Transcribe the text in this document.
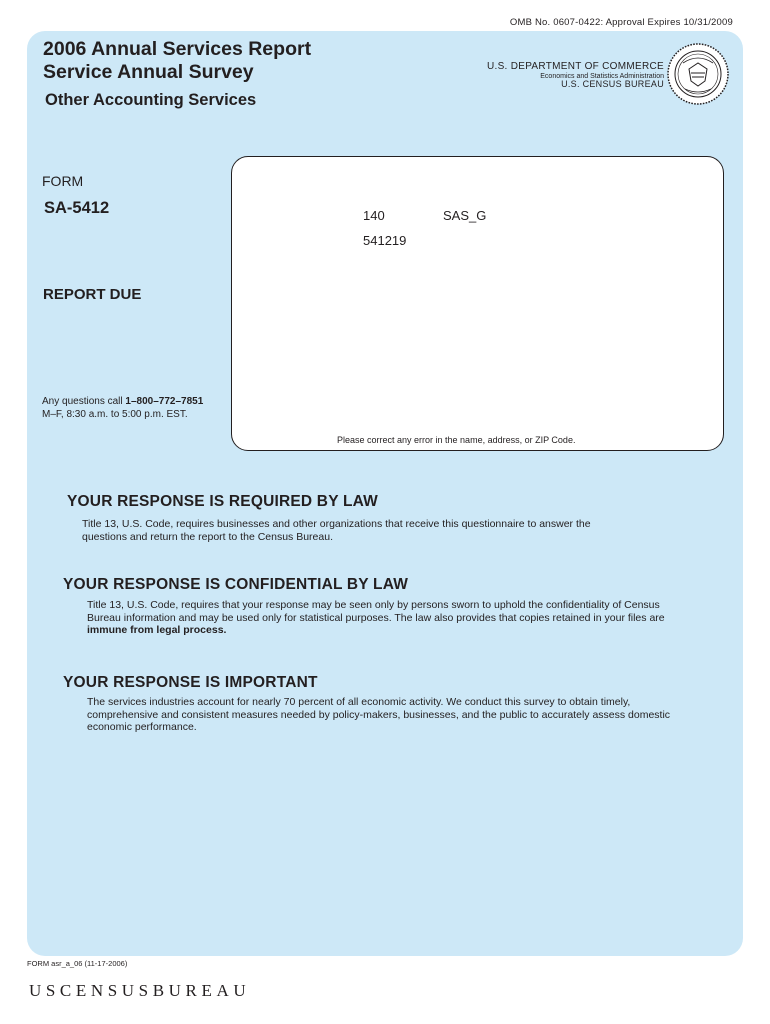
OMB No. 0607-0422: Approval Expires 10/31/2009
2006 Annual Services Report
Service Annual Survey
Other Accounting Services
U.S. DEPARTMENT OF COMMERCE
Economics and Statistics Administration
U.S. CENSUS BUREAU
FORM
SA-5412
REPORT DUE
Any questions call 1–800–772–7851
M–F, 8:30 a.m. to 5:00 p.m. EST.
140	SAS_G
541219
Please correct any error in the name, address, or ZIP Code.
YOUR RESPONSE IS REQUIRED BY LAW
Title 13, U.S. Code, requires businesses and other organizations that receive this questionnaire to answer the
questions and return the report to the Census Bureau.
YOUR RESPONSE IS CONFIDENTIAL BY LAW
Title 13, U.S. Code, requires that your response may be seen only by persons sworn to uphold the confidentiality of Census
Bureau information and may be used only for statistical purposes. The law also provides that copies retained in your files are
immune from legal process.
YOUR RESPONSE IS IMPORTANT
The services industries account for nearly 70 percent of all economic activity. We conduct this survey to obtain timely,
comprehensive and consistent measures needed by policy-makers, businesses, and the public to accurately assess domestic
economic performance.
FORM asr_a_06 (11-17-2006)
USCENSUSBUREAU
